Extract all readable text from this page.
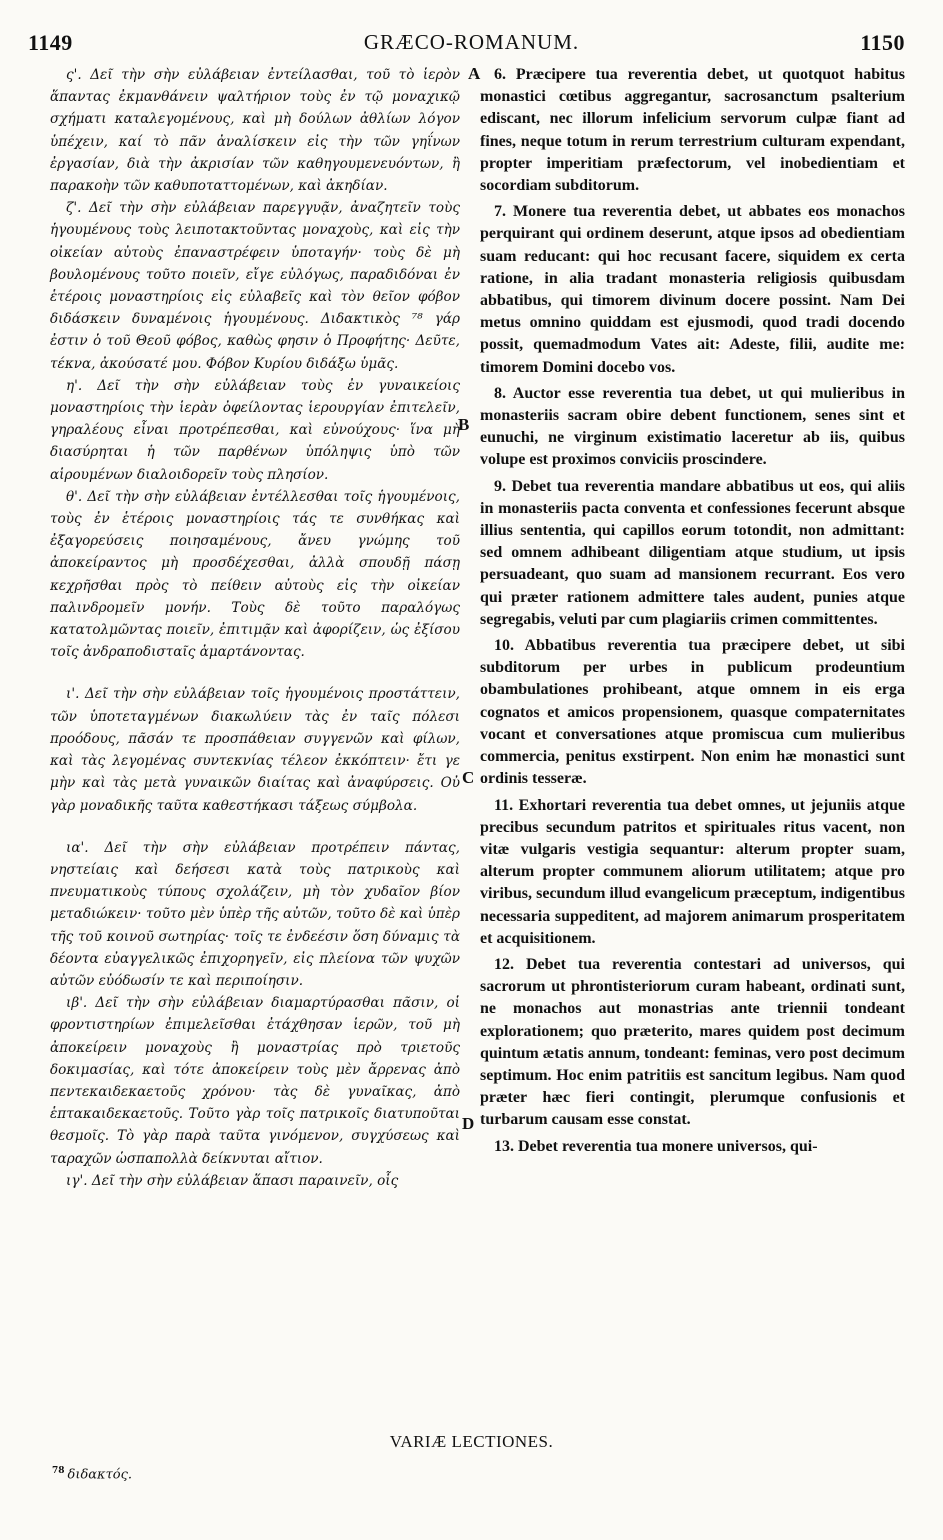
1149	GRÆCO-ROMANUM.	1150

ς'. Δεῖ τὴν σὴν εὐλάβειαν ἐντείλασθαι, τοῦ τὸ ἱερὸν ἅπαντας ἐκμανθάνειν ψαλτήριον τοὺς ἐν τῷ μοναχικῷ σχήματι καταλεγομένους, καὶ μὴ δούλων ἀθλίων λόγον ὑπέχειν, καί τὸ πᾶν ἀναλίσκειν εἰς τὴν τῶν γηΐνων ἐργασίαν, διὰ τὴν ἀκρισίαν τῶν καθηγουμενευόντων, ἢ παρακοὴν τῶν καθυποταττομένων, καὶ ἀκηδίαν.

ζ'. Δεῖ τὴν σὴν εὐλάβειαν παρεγγυᾷν, ἀναζητεῖν τοὺς ἡγουμένους τοὺς λειποτακτοῦντας μοναχοὺς, καὶ εἰς τὴν οἰκείαν αὐτοὺς ἐπαναστρέφειν ὑποταγήν· τοὺς δὲ μὴ βουλομένους τοῦτο ποιεῖν, εἴγε εὐλόγως, παραδιδόναι ἐν ἑτέροις μοναστηρίοις εἰς εὐλαβεῖς καὶ τὸν θεῖον φόβον διδάσκειν δυναμένοις ἡγουμένους. Διδακτικὸς ⁷⁸ γάρ ἐστιν ὁ τοῦ Θεοῦ φόβος, καθὼς φησιν ὁ Προφήτης· Δεῦτε, τέκνα, ἀκούσατέ μου. Φόβον Κυρίου διδάξω ὑμᾶς.

η'. Δεῖ τὴν σὴν εὐλάβειαν τοὺς ἐν γυναικείοις μοναστηρίοις τὴν ἱερὰν ὀφείλοντας ἱερουργίαν ἐπιτελεῖν, γηραλέους εἶναι προτρέπεσθαι, καὶ εὐνούχους· ἵνα μὴ διασύρηται ἡ τῶν παρθένων ὑπόληψις ὑπὸ τῶν αἱρουμένων διαλοιδορεῖν τοὺς πλησίον.

θ'. Δεῖ τὴν σὴν εὐλάβειαν ἐντέλλεσθαι τοῖς ἡγουμένοις, τοὺς ἐν ἑτέροις μοναστηρίοις τάς τε συνθήκας καὶ ἐξαγορεύσεις ποιησαμένους, ἄνευ γνώμης τοῦ ἀποκείραντος μὴ προσδέχεσθαι, ἀλλὰ σπουδῇ πάσῃ κεχρῆσθαι πρὸς τὸ πείθειν αὐτοὺς εἰς τὴν οἰκείαν παλινδρομεῖν μονήν. Τοὺς δὲ τοῦτο παραλόγως κατατολμῶντας ποιεῖν, ἐπιτιμᾷν καὶ ἀφορίζειν, ὡς ἐξίσου τοῖς ἀνδραποδισταῖς ἁμαρτάνοντας.

ι'. Δεῖ τὴν σὴν εὐλάβειαν τοῖς ἡγουμένοις προστάττειν, τῶν ὑποτεταγμένων διακωλύειν τὰς ἐν ταῖς πόλεσι προόδους, πᾶσάν τε προσπάθειαν συγγενῶν καὶ φίλων, καὶ τὰς λεγομένας συντεκνίας τέλεον ἐκκόπτειν· ἔτι γε μὴν καὶ τὰς μετὰ γυναικῶν διαίτας καὶ ἀναφύρσεις. Οὐ γὰρ μοναδικῆς ταῦτα καθεστήκασι τάξεως σύμβολα.

ια'. Δεῖ τὴν σὴν εὐλάβειαν προτρέπειν πάντας, νηστείαις καὶ δεήσεσι κατὰ τοὺς πατρικοὺς καὶ πνευματικοὺς τύπους σχολάζειν, μὴ τὸν χυδαῖον βίον μεταδιώκειν· τοῦτο μὲν ὑπὲρ τῆς αὐτῶν, τοῦτο δὲ καὶ ὑπὲρ τῆς τοῦ κοινοῦ σωτηρίας· τοῖς τε ἐνδεέσιν ὅση δύναμις τὰ δέοντα εὐαγγελικῶς ἐπιχορηγεῖν, εἰς πλείονα τῶν ψυχῶν αὐτῶν εὐόδωσίν τε καὶ περιποίησιν.

ιβ'. Δεῖ τὴν σὴν εὐλάβειαν διαμαρτύρασθαι πᾶσιν, οἱ φροντιστηρίων ἐπιμελεῖσθαι ἐτάχθησαν ἱερῶν, τοῦ μὴ ἀποκείρειν μοναχοὺς ἢ μοναστρίας πρὸ τριετοῦς δοκιμασίας, καὶ τότε ἀποκείρειν τοὺς μὲν ἄρρενας ἀπὸ πεντεκαιδεκαετοῦς χρόνου· τὰς δὲ γυναῖκας, ἀπὸ ἑπτακαιδεκαετοῦς. Τοῦτο γὰρ τοῖς πατρικοῖς διατυποῦται θεσμοῖς. Τὸ γὰρ παρὰ ταῦτα γινόμενον, συγχύσεως καὶ ταραχῶν ὡσπαπολλὰ δείκνυται αἴτιον.

ιγ'. Δεῖ τὴν σὴν εὐλάβειαν ἅπασι παραινεῖν, οἷς

A
B
C
D

6. Præcipere tua reverentia debet, ut quotquot habitus monastici cœtibus aggregantur, sacrosanctum psalterium ediscant, nec illorum infelicium servorum culpæ fiant ad fines, neque totum in rerum terrestrium culturam expendant, propter imperitiam præfectorum, vel inobedientiam et socordiam subditorum.

7. Monere tua reverentia debet, ut abbates eos monachos perquirant qui ordinem deserunt, atque ipsos ad obedientiam suam reducant: qui hoc recusant facere, siquidem ex certa ratione, in alia tradant monasteria religiosis quibusdam abbatibus, qui timorem divinum docere possint. Nam Dei metus omnino quiddam est ejusmodi, quod tradi docendo possit, quemadmodum Vates ait: Adeste, filii, audite me: timorem Domini docebo vos.

8. Auctor esse reverentia tua debet, ut qui mulieribus in monasteriis sacram obire debent functionem, senes sint et eunuchi, ne virginum existimatio laceretur ab iis, quibus volupe est proximos conviciis proscindere.

9. Debet tua reverentia mandare abbatibus ut eos, qui aliis in monasteriis pacta conventa et confessiones fecerunt absque illius sententia, qui capillos eorum totondit, non admittant: sed omnem adhibeant diligentiam atque studium, ut ipsis persuadeant, quo suam ad mansionem recurrant. Eos vero qui præter rationem admittere tales audent, punies atque segregabis, veluti par cum plagiariis crimen committentes.

10. Abbatibus reverentia tua præcipere debet, ut sibi subditorum per urbes in publicum prodeuntium obambulationes prohibeant, atque omnem in eis erga cognatos et amicos propensionem, quasque compaternitates vocant et conversationes atque promiscua cum mulieribus commercia, penitus exstirpent. Non enim hæ monastici sunt ordinis tesseræ.

11. Exhortari reverentia tua debet omnes, ut jejuniis atque precibus secundum patritos et spirituales ritus vacent, non vitæ vulgaris vestigia sequantur: alterum propter suam, alterum propter communem aliorum utilitatem; atque pro viribus, secundum illud evangelicum præceptum, indigentibus necessaria suppeditent, ad majorem animarum prosperitatem et acquisitionem.

12. Debet tua reverentia contestari ad universos, qui sacrorum ut phrontisteriorum curam habeant, ordinati sunt, ne monachos aut monastrias ante triennii tondeant explorationem; quo præterito, mares quidem post decimum quintum ætatis annum, tondeant: feminas, vero post decimum septimum. Hoc enim patritiis est sancitum legibus. Nam quod præter hæc fieri contingit, plerumque confusionis et turbarum causam esse constat.

13. Debet reverentia tua monere universos, qui-

VARIÆ LECTIONES.
$^{78}$ διδακτός.
